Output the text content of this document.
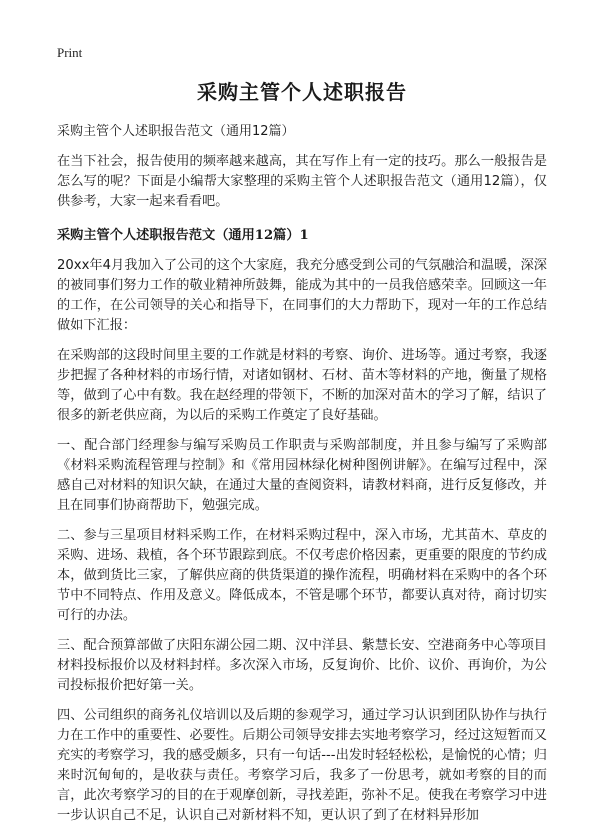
Print
采购主管个人述职报告
采购主管个人述职报告范文（通用12篇）

在当下社会，报告使用的频率越来越高，其在写作上有一定的技巧。那么一般报告是怎么写的呢？下面是小编帮大家整理的采购主管个人述职报告范文（通用12篇），仅供参考，大家一起来看看吧。

采购主管个人述职报告范文（通用12篇）1

20xx年4月我加入了公司的这个大家庭，我充分感受到公司的气氛融洽和温暖，深深的被同事们努力工作的敬业精神所鼓舞，能成为其中的一员我倍感荣幸。回顾这一年的工作，在公司领导的关心和指导下，在同事们的大力帮助下，现对一年的工作总结做如下汇报：

在采购部的这段时间里主要的工作就是材料的考察、询价、进场等。通过考察，我逐步把握了各种材料的市场行情，对诸如钢材、石材、苗木等材料的产地，衡量了规格等，做到了心中有数。我在赵经理的带领下，不断的加深对苗木的学习了解，结识了很多的新老供应商，为以后的采购工作奠定了良好基础。

一、配合部门经理参与编写采购员工作职责与采购部制度，并且参与编写了采购部《材料采购流程管理与控制》和《常用园林绿化树种图例讲解》。在编写过程中，深感自己对材料的知识欠缺，在通过大量的查阅资料，请教材料商，进行反复修改，并且在同事们协商帮助下，勉强完成。

二、参与三星项目材料采购工作，在材料采购过程中，深入市场，尤其苗木、草皮的采购、进场、栽植，各个环节跟踪到底。不仅考虑价格因素，更重要的限度的节约成本，做到货比三家，了解供应商的供货渠道的操作流程，明确材料在采购中的各个环节中不同特点、作用及意义。降低成本，不管是哪个环节，都要认真对待，商讨切实可行的办法。

三、配合预算部做了庆阳东湖公园二期、汉中洋县、紫慧长安、空港商务中心等项目材料投标报价以及材料封样。多次深入市场，反复询价、比价、议价、再询价，为公司投标报价把好第一关。

四、公司组织的商务礼仪培训以及后期的参观学习，通过学习认识到团队协作与执行力在工作中的重要性、必要性。后期公司领导安排去实地考察学习，经过这短暂而又充实的考察学习，我的感受颇多，只有一句话---出发时轻轻松松，是愉悦的心情；归来时沉甸甸的，是收获与责任。考察学习后，我多了一份思考，就如考察的目的而言，此次考察学习的目的在于观摩创新，寻找差距，弥补不足。使我在考察学习中进一步认识自己不足，认识自己对新材料不知，更认识了到了在材料异形加
